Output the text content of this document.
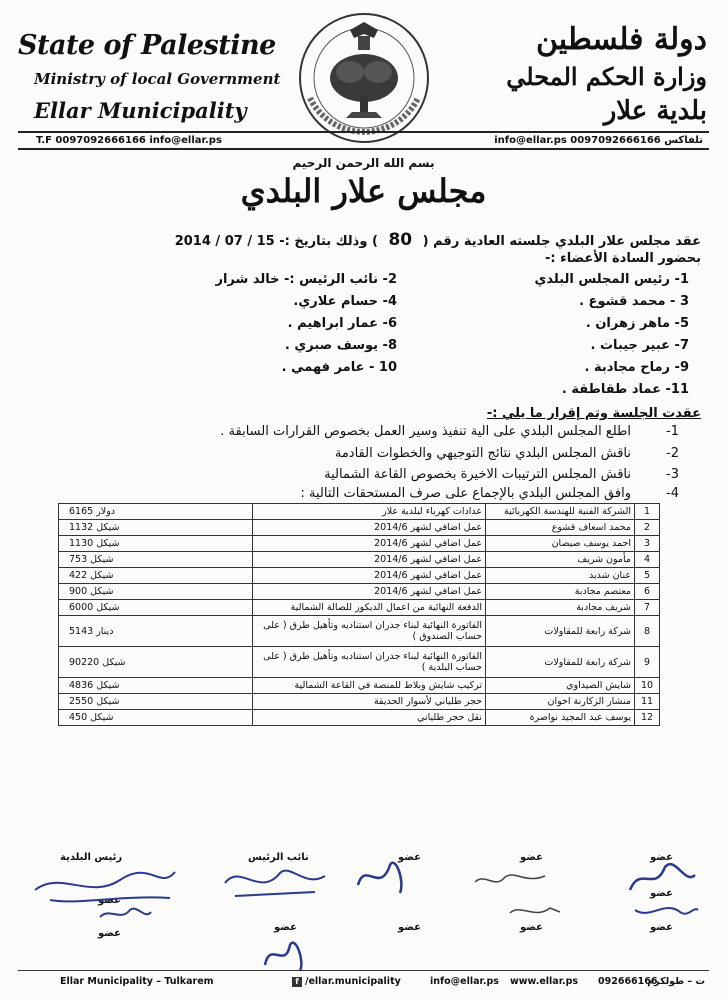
State of Palestine
Ministry of local Government
Ellar Municipality
دولة فلسطين
وزارة الحكم المحلي
بلدية علار
T.F 0097092666166 info@ellar.ps	تلفاكس 0097092666166 info@ellar.ps
بسم الله الرحمن الرحيم
مجلس علار البلدي
عقد مجلس علار البلدي جلسته العادية رقم ( 80 ) وذلك بتاريخ :- 15 / 07 / 2014
بحضور السادة الأعضاء :-
1- رئيس المجلس البلدي
2- نائب الرئيس :- خالد شرار
3 - محمد قشوع .
4- حسام علاري.
5- ماهر زهران .
6- عمار ابراهيم .
7- عبير جيبات .
8- يوسف صبري .
9- رماح مجادبة .
10 - عامر فهمي .
11- عماد طقاطقة .
عقدت الجلسة وتم إقرار ما يلي :-
1-
اطلع المجلس البلدي على الية تنفيذ وسير العمل بخصوص القرارات السابقة .
2-
ناقش المجلس البلدي نتائج التوجيهي والخطوات القادمة
3-
ناقش المجلس الترتيبات الاخيرة بخصوص القاعة الشمالية
4-
وافق المجلس البلدي بالإجماع على صرف المستحقات التالية :
1	الشركة الفنية للهندسة الكهربائية	عدادات كهرباء لبلدية علار	6165 دولار
2	محمد اسعاف قشوع	عمل اضافي لشهر 2014/6	1132 شيكل
3	احمد يوسف صيصان	عمل اضافي لشهر 2014/6	1130 شيكل
4	مأمون شريف	عمل اضافي لشهر 2014/6	753 شيكل
5	عنان شديد	عمل اضافي لشهر 2014/6	422 شيكل
6	معتصم مجادبة	عمل اضافي لشهر 2014/6	900 شيكل
7	شريف مجادبة	الدفعة النهائية من اعمال الديكور للصالة الشمالية	6000 شيكل
8	شركة رابعة للمقاولات	الفاتورة النهائية لبناء جدران استناديه وتأهيل طرق ( على حساب الصندوق )	5143 دينار
9	شركة رابعة للمقاولات	الفاتورة النهائية لبناء جدران استناديه وتأهيل طرق ( على حساب البلدية )	90220 شيكل
10	شايش الصيداوي	تركيب شايش وبلاط للمنصة في القاعة الشمالية	4836 شيكل
11	منشار الزكارنة اخوان	حجر طلياني لأسوار الحديقة	2550 شيكل
12	يوسف عبد المجيد نواصرة	نقل حجر طلياني	450 شيكل
رئيس البلدية	نائب الرئيس	عضو	عضو	عضو
عضو
عضو
عضو	عضو	عضو	عضو
عضو
Ellar Municipality – Tulkarem	f /ellar.municipality	info@ellar.ps www.ellar.ps 092666166
ت – طولكرم
